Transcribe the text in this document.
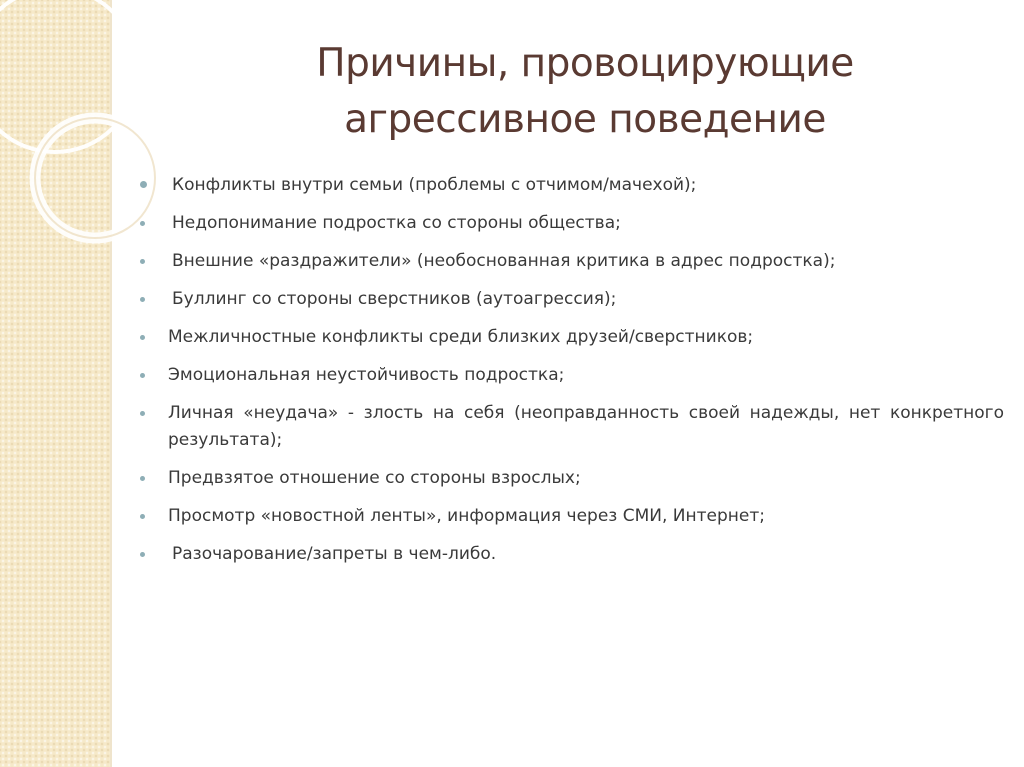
Причины, провоцирующие
агрессивное поведение
Конфликты внутри семьи (проблемы с отчимом/мачехой);
Недопонимание подростка со стороны общества;
Внешние «раздражители» (необоснованная критика в адрес подростка);
Буллинг со стороны сверстников (аутоагрессия);
Межличностные конфликты среди близких друзей/сверстников;
Эмоциональная неустойчивость подростка;
Личная «неудача» - злость на себя (неоправданность своей надежды, нет конкретного результата);
Предвзятое отношение со стороны взрослых;
Просмотр «новостной ленты», информация через СМИ, Интернет;
Разочарование/запреты в чем-либо.
